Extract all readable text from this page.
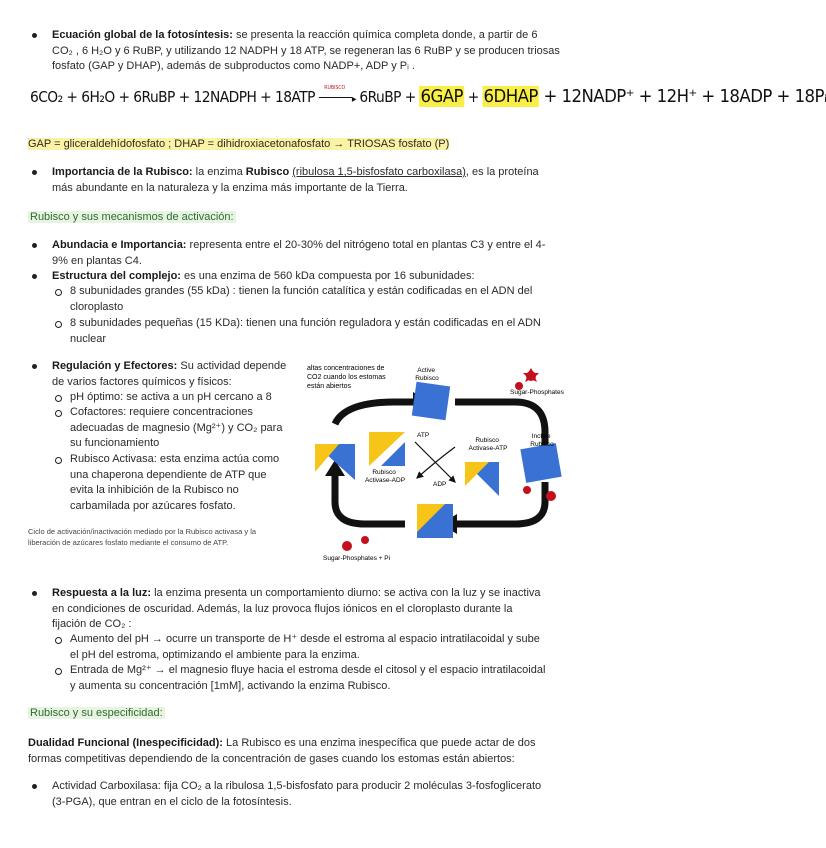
Ecuación global de la fotosíntesis: se presenta la reacción química completa donde, a partir de 6
CO₂ , 6 H₂O y 6 RuBP, y utilizando 12 NADPH y 18 ATP, se regeneran las 6 RuBP y se producen triosas
fosfato (GAP y DHAP), además de subproductos como NADP+, ADP y Pᵢ .
6CO₂ + 6H₂O + 6RuBP + 12NADPH + 18ATP RUBISCO
▸ 6RuBP + 6GAP + 6DHAP + 12NADP⁺ + 12H⁺ + 18ADP + 18Pᵢ
GAP = gliceraldehídofosfato ; DHAP = dihidroxiacetonafosfato → TRIOSAS fosfato (P)
Importancia de la Rubisco: la enzima Rubisco (ribulosa 1,5-bisfosfato carboxilasa), es la proteína
más abundante en la naturaleza y la enzima más importante de la Tierra.
Rubisco y sus mecanismos de activación:
Abundacia e Importancia: representa entre el 20-30% del nitrógeno total en plantas C3 y entre el 4-
9% en plantas C4.
Estructura del complejo: es una enzima de 560 kDa compuesta por 16 subunidades:
8 subunidades grandes (55 kDa) : tienen la función catalítica y están codificadas en el ADN del
cloroplasto
8 subunidades pequeñas (15 KDa): tienen una función reguladora y están codificadas en el ADN
nuclear
Regulación y Efectores: Su actividad depende
de varios factores químicos y físicos:
pH óptimo: se activa a un pH cercano a 8
Cofactores: requiere concentraciones
adecuadas de magnesio (Mg²⁺) y CO₂ para
su funcionamiento
Rubisco Activasa: esta enzima actúa como
una chaperona dependiente de ATP que
evita la inhibición de la Rubisco no
carbamilada por azúcares fosfato.
Ciclo de activación/inactivación mediado por la Rubisco activasa y la
liberación de azúcares fosfato mediante el consumo de ATP.
altas concentraciones de CO2 cuando los estomas están abiertos
Active Rubisco
Sugar-Phosphates
ATP
Rubisco Activase-ATP
Inctive Rubisco
Rubisco Activase-ADP
ADP
Sugar-Phosphates + Pi
Respuesta a la luz: la enzima presenta un comportamiento diurno: se activa con la luz y se inactiva
en condiciones de oscuridad. Además, la luz provoca flujos iónicos en el cloroplasto durante la
fijación de CO₂ :
Aumento del pH → ocurre un transporte de H⁺ desde el estroma al espacio intratilacoidal y sube
el pH del estroma, optimizando el ambiente para la enzima.
Entrada de Mg²⁺ → el magnesio fluye hacia el estroma desde el citosol y el espacio intratilacoidal
y aumenta su concentración [1mM], activando la enzima Rubisco.
Rubisco y su especificidad:
Dualidad Funcional (Inespecificidad): La Rubisco es una enzima inespecífica que puede actar de dos
formas competitivas dependiendo de la concentración de gases cuando los estomas están abiertos:
Actividad Carboxilasa: fija CO₂ a la ribulosa 1,5-bisfosfato para producir 2 moléculas 3-fosfoglicerato
(3-PGA), que entran en el ciclo de la fotosíntesis.
